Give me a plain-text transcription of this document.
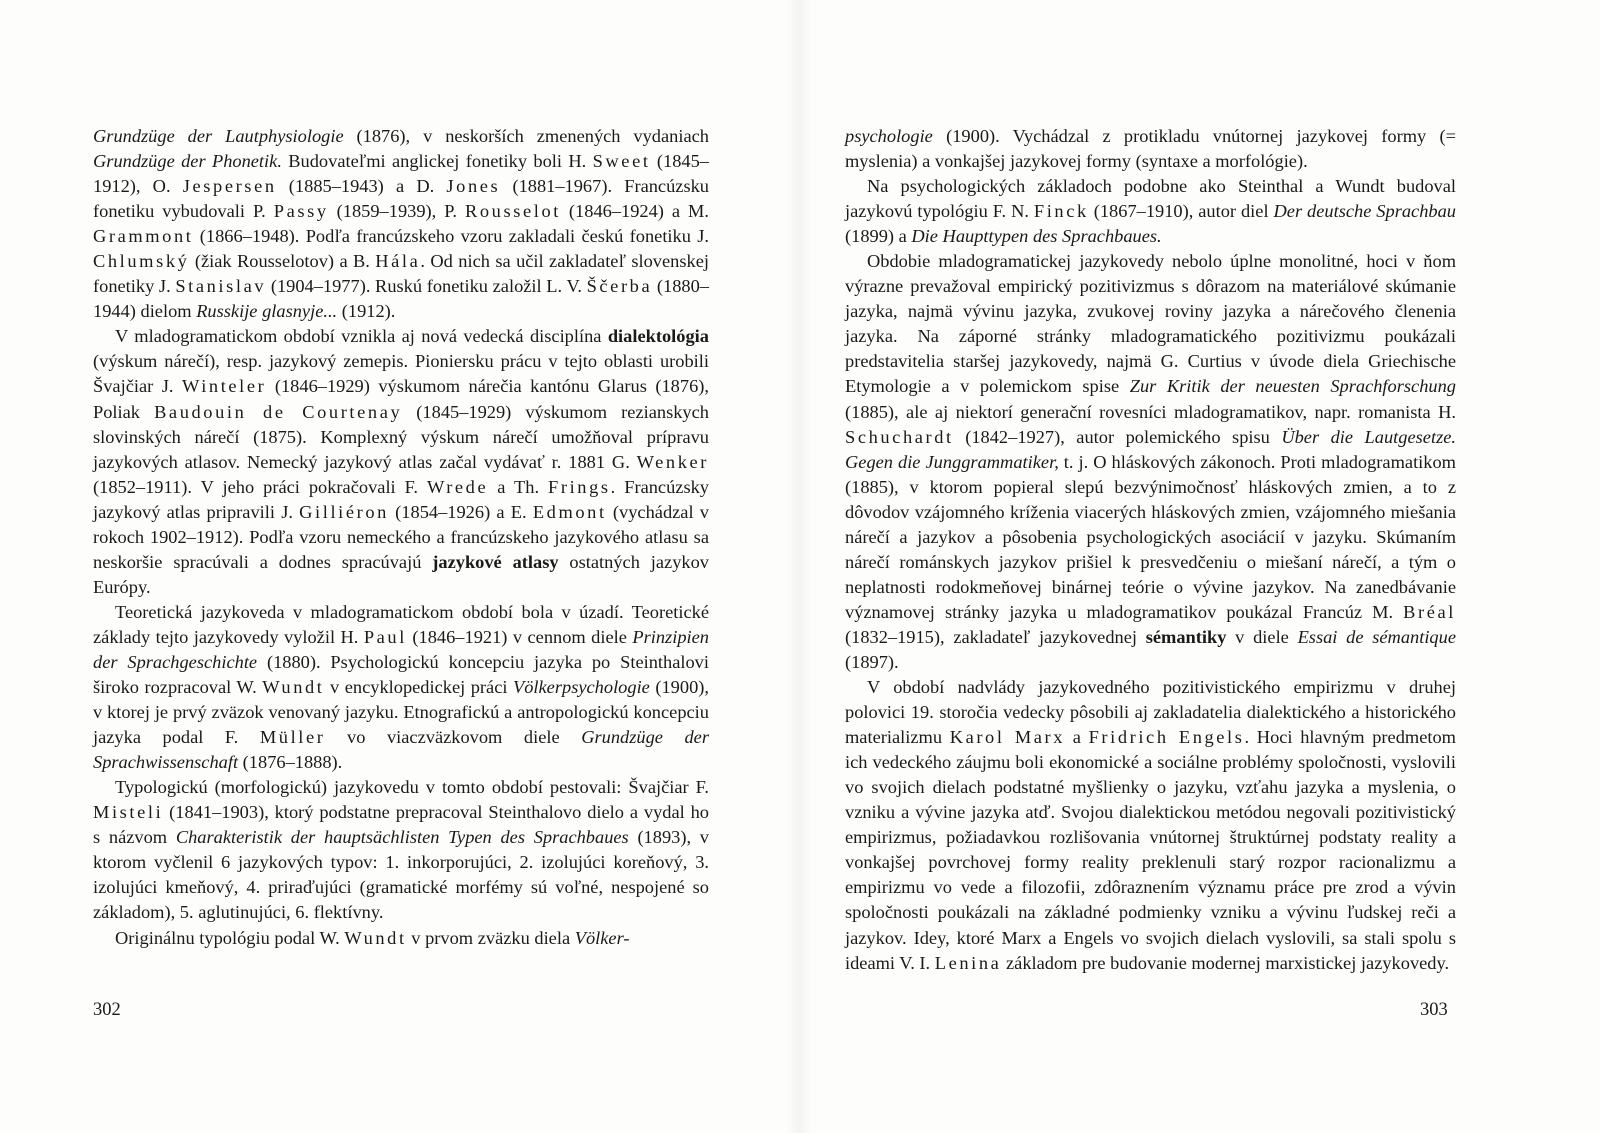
Grundzüge der Lautphysiologie (1876), v neskorších zmenených vydaniach Grundzüge der Phonetik. Budovateľmi anglickej fonetiky boli H. Sweet (1845–1912), O. Jespersen (1885–1943) a D. Jones (1881–1967). Francúzsku fonetiku vybudovali P. Passy (1859–1939), P. Rousselot (1846–1924) a M. Grammont (1866–1948). Podľa francúzskeho vzoru zakladali českú fonetiku J. Chlumský (žiak Rousselotov) a B. Hála. Od nich sa učil zakladateľ slovenskej fonetiky J. Stanislav (1904–1977). Ruskú fonetiku založil L. V. Ščerba (1880–1944) dielom Russkije glasnyje... (1912).

V mladogramatickom období vznikla aj nová vedecká disciplína dialektológia (výskum nárečí), resp. jazykový zemepis. Pioniersku prácu v tejto oblasti urobili Švajčiar J. Winteler (1846–1929) výskumom nárečia kantónu Glarus (1876), Poliak Baudouin de Courtenay (1845–1929) výskumom rezianskych slovinských nárečí (1875). Komplexný výskum nárečí umožňoval prípravu jazykových atlasov. Nemecký jazykový atlas začal vydávať r. 1881 G. Wenker (1852–1911). V jeho práci pokračovali F. Wrede a Th. Frings. Francúzsky jazykový atlas pripravili J. Gilliéron (1854–1926) a E. Edmont (vychádzal v rokoch 1902–1912). Podľa vzoru nemeckého a francúzskeho jazykového atlasu sa neskoršie spracúvali a dodnes spracúvajú jazykové atlasy ostatných jazykov Európy.

Teoretická jazykoveda v mladogramatickom období bola v úzadí. Teoretické základy tejto jazykovedy vyložil H. Paul (1846–1921) v cennom diele Prinzipien der Sprachgeschichte (1880). Psychologickú koncepciu jazyka po Steinthalovi široko rozpracoval W. Wundt v encyklopedickej práci Völkerpsychologie (1900), v ktorej je prvý zväzok venovaný jazyku. Etnografickú a antropologickú koncepciu jazyka podal F. Müller vo viaczväzkovom diele Grundzüge der Sprachwissenschaft (1876–1888).

Typologickú (morfologickú) jazykovedu v tomto období pestovali: Švajčiar F. Misteli (1841–1903), ktorý podstatne prepracoval Steinthalovo dielo a vydal ho s názvom Charakteristik der hauptsächlisten Typen des Sprachbaues (1893), v ktorom vyčlenil 6 jazykových typov: 1. inkorporujúci, 2. izolujúci koreňový, 3. izolujúci kmeňový, 4. priraďujúci (gramatické morfémy sú voľné, nespojené so základom), 5. aglutinujúci, 6. flektívny.

Originálnu typológiu podal W. Wundt v prvom zväzku diela Völker-

302

psychologie (1900). Vychádzal z protikladu vnútornej jazykovej formy (= myslenia) a vonkajšej jazykovej formy (syntaxe a morfológie).

Na psychologických základoch podobne ako Steinthal a Wundt budoval jazykovú typológiu F. N. Finck (1867–1910), autor diel Der deutsche Sprachbau (1899) a Die Haupttypen des Sprachbaues.

Obdobie mladogramatickej jazykovedy nebolo úplne monolitné, hoci v ňom výrazne prevažoval empirický pozitivizmus s dôrazom na materiálové skúmanie jazyka, najmä vývinu jazyka, zvukovej roviny jazyka a nárečového členenia jazyka. Na záporné stránky mladogramatického pozitivizmu poukázali predstavitelia staršej jazykovedy, najmä G. Curtius v úvode diela Griechische Etymologie a v polemickom spise Zur Kritik der neuesten Sprachforschung (1885), ale aj niektorí generační rovesníci mladogramatikov, napr. romanista H. Schuchardt (1842–1927), autor polemického spisu Über die Lautgesetze. Gegen die Junggrammatiker, t. j. O hláskových zákonoch. Proti mladogramatikom (1885), v ktorom popieral slepú bezvýnimočnosť hláskových zmien, a to z dôvodov vzájomného kríženia viacerých hláskových zmien, vzájomného miešania nárečí a jazykov a pôsobenia psychologických asociácií v jazyku. Skúmaním nárečí románskych jazykov prišiel k presvedčeniu o miešaní nárečí, a tým o neplatnosti rodokmeňovej binárnej teórie o vývine jazykov. Na zanedbávanie významovej stránky jazyka u mladogramatikov poukázal Francúz M. Bréal (1832–1915), zakladateľ jazykovednej sémantiky v diele Essai de sémantique (1897).

V období nadvlády jazykovedného pozitivistického empirizmu v druhej polovici 19. storočia vedecky pôsobili aj zakladatelia dialektického a historického materializmu Karol Marx a Fridrich Engels. Hoci hlavným predmetom ich vedeckého záujmu boli ekonomické a sociálne problémy spoločnosti, vyslovili vo svojich dielach podstatné myšlienky o jazyku, vzťahu jazyka a myslenia, o vzniku a vývine jazyka atď. Svojou dialektickou metódou negovali pozitivistický empirizmus, požiadavkou rozlišovania vnútornej štruktúrnej podstaty reality a vonkajšej povrchovej formy reality preklenuli starý rozpor racionalizmu a empirizmu vo vede a filozofii, zdôraznením významu práce pre zrod a vývin spoločnosti poukázali na základné podmienky vzniku a vývinu ľudskej reči a jazykov. Idey, ktoré Marx a Engels vo svojich dielach vyslovili, sa stali spolu s ideami V. I. Lenina základom pre budovanie modernej marxistickej jazykovedy.

303
